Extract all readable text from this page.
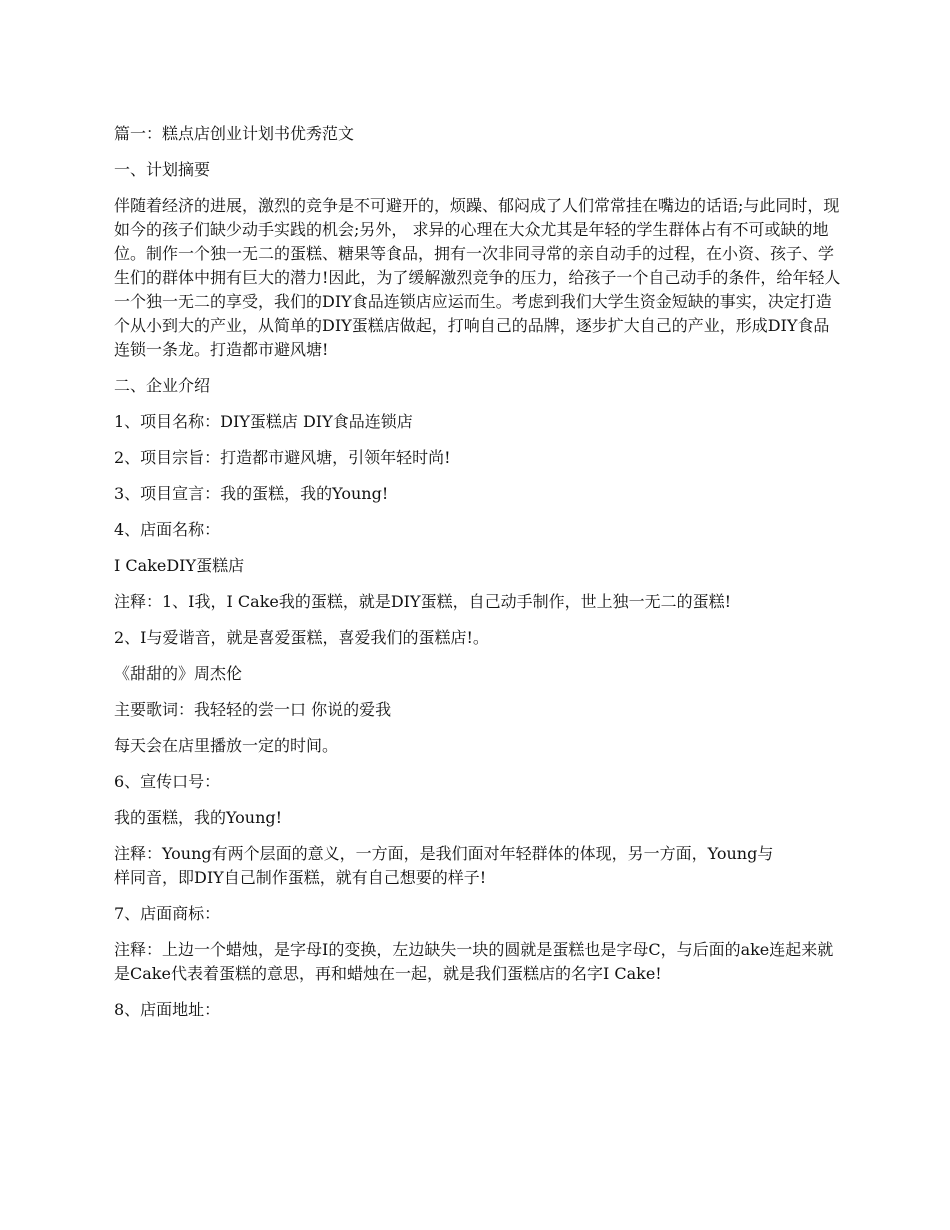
篇一：糕点店创业计划书优秀范文

一、计划摘要

伴随着经济的进展，激烈的竞争是不可避开的，烦躁、郁闷成了人们常常挂在嘴边的话语;与此同时，现如今的孩子们缺少动手实践的机会;另外， 求异的心理在大众尤其是年轻的学生群体占有不可或缺的地位。制作一个独一无二的蛋糕、糖果等食品，拥有一次非同寻常的亲自动手的过程，在小资、孩子、学生们的群体中拥有巨大的潜力!因此，为了缓解激烈竞争的压力，给孩子一个自己动手的条件，给年轻人一个独一无二的享受，我们的DIY食品连锁店应运而生。考虑到我们大学生资金短缺的事实，决定打造个从小到大的产业，从简单的DIY蛋糕店做起，打响自己的品牌，逐步扩大自己的产业，形成DIY食品连锁一条龙。打造都市避风塘!

二、企业介绍

1、项目名称：DIY蛋糕店 DIY食品连锁店

2、项目宗旨：打造都市避风塘，引领年轻时尚!

3、项目宣言：我的蛋糕，我的Young!

4、店面名称：

I CakeDIY蛋糕店

注释：1、I我，I Cake我的蛋糕，就是DIY蛋糕，自己动手制作，世上独一无二的蛋糕!

2、I与爱谐音，就是喜爱蛋糕，喜爱我们的蛋糕店!。

《甜甜的》周杰伦

主要歌词：我轻轻的尝一口 你说的爱我

每天会在店里播放一定的时间。

6、宣传口号：

我的蛋糕，我的Young!

注释：Young有两个层面的意义，一方面，是我们面对年轻群体的体现，另一方面，Young与样同音，即DIY自己制作蛋糕，就有自己想要的样子!

7、店面商标：

注释：上边一个蜡烛，是字母I的变换，左边缺失一块的圆就是蛋糕也是字母C，与后面的ake连起来就是Cake代表着蛋糕的意思，再和蜡烛在一起，就是我们蛋糕店的名字I Cake!

8、店面地址：
